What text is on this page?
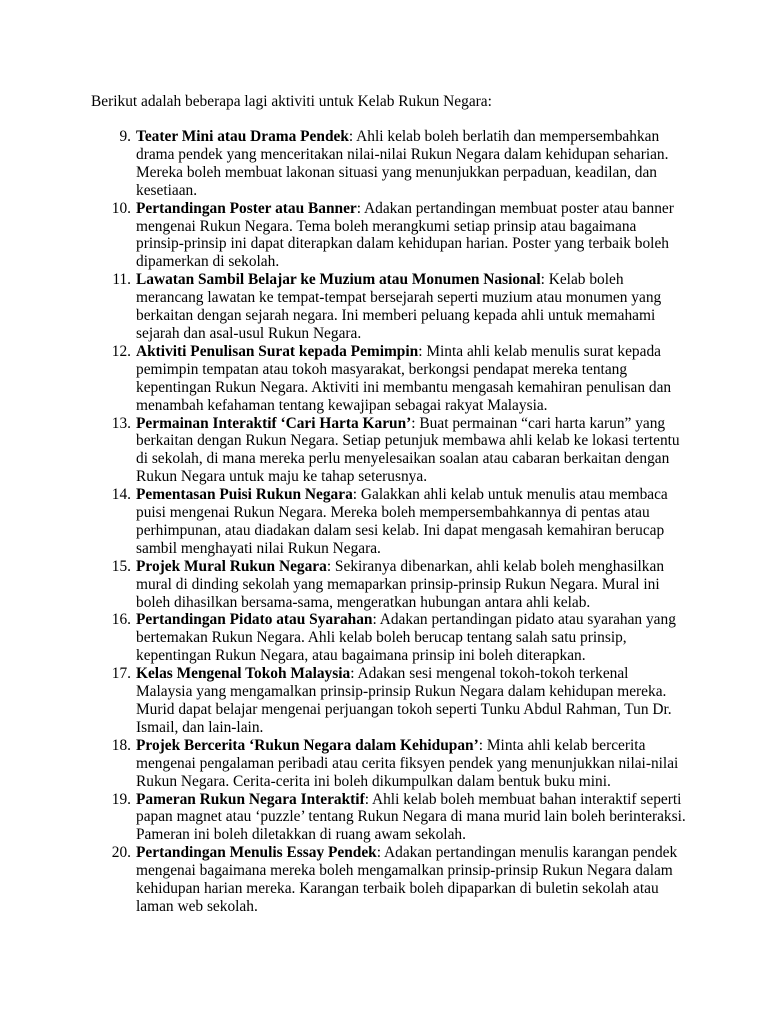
Berikut adalah beberapa lagi aktiviti untuk Kelab Rukun Negara:

9. Teater Mini atau Drama Pendek: Ahli kelab boleh berlatih dan mempersembahkan drama pendek yang menceritakan nilai-nilai Rukun Negara dalam kehidupan seharian. Mereka boleh membuat lakonan situasi yang menunjukkan perpaduan, keadilan, dan kesetiaan.
10. Pertandingan Poster atau Banner: Adakan pertandingan membuat poster atau banner mengenai Rukun Negara. Tema boleh merangkumi setiap prinsip atau bagaimana prinsip-prinsip ini dapat diterapkan dalam kehidupan harian. Poster yang terbaik boleh dipamerkan di sekolah.
11. Lawatan Sambil Belajar ke Muzium atau Monumen Nasional: Kelab boleh merancang lawatan ke tempat-tempat bersejarah seperti muzium atau monumen yang berkaitan dengan sejarah negara. Ini memberi peluang kepada ahli untuk memahami sejarah dan asal-usul Rukun Negara.
12. Aktiviti Penulisan Surat kepada Pemimpin: Minta ahli kelab menulis surat kepada pemimpin tempatan atau tokoh masyarakat, berkongsi pendapat mereka tentang kepentingan Rukun Negara. Aktiviti ini membantu mengasah kemahiran penulisan dan menambah kefahaman tentang kewajipan sebagai rakyat Malaysia.
13. Permainan Interaktif ‘Cari Harta Karun’: Buat permainan “cari harta karun” yang berkaitan dengan Rukun Negara. Setiap petunjuk membawa ahli kelab ke lokasi tertentu di sekolah, di mana mereka perlu menyelesaikan soalan atau cabaran berkaitan dengan Rukun Negara untuk maju ke tahap seterusnya.
14. Pementasan Puisi Rukun Negara: Galakkan ahli kelab untuk menulis atau membaca puisi mengenai Rukun Negara. Mereka boleh mempersembahkannya di pentas atau perhimpunan, atau diadakan dalam sesi kelab. Ini dapat mengasah kemahiran berucap sambil menghayati nilai Rukun Negara.
15. Projek Mural Rukun Negara: Sekiranya dibenarkan, ahli kelab boleh menghasilkan mural di dinding sekolah yang memaparkan prinsip-prinsip Rukun Negara. Mural ini boleh dihasilkan bersama-sama, mengeratkan hubungan antara ahli kelab.
16. Pertandingan Pidato atau Syarahan: Adakan pertandingan pidato atau syarahan yang bertemakan Rukun Negara. Ahli kelab boleh berucap tentang salah satu prinsip, kepentingan Rukun Negara, atau bagaimana prinsip ini boleh diterapkan.
17. Kelas Mengenal Tokoh Malaysia: Adakan sesi mengenal tokoh-tokoh terkenal Malaysia yang mengamalkan prinsip-prinsip Rukun Negara dalam kehidupan mereka. Murid dapat belajar mengenai perjuangan tokoh seperti Tunku Abdul Rahman, Tun Dr. Ismail, dan lain-lain.
18. Projek Bercerita ‘Rukun Negara dalam Kehidupan’: Minta ahli kelab bercerita mengenai pengalaman peribadi atau cerita fiksyen pendek yang menunjukkan nilai-nilai Rukun Negara. Cerita-cerita ini boleh dikumpulkan dalam bentuk buku mini.
19. Pameran Rukun Negara Interaktif: Ahli kelab boleh membuat bahan interaktif seperti papan magnet atau ‘puzzle’ tentang Rukun Negara di mana murid lain boleh berinteraksi. Pameran ini boleh diletakkan di ruang awam sekolah.
20. Pertandingan Menulis Essay Pendek: Adakan pertandingan menulis karangan pendek mengenai bagaimana mereka boleh mengamalkan prinsip-prinsip Rukun Negara dalam kehidupan harian mereka. Karangan terbaik boleh dipaparkan di buletin sekolah atau laman web sekolah.
